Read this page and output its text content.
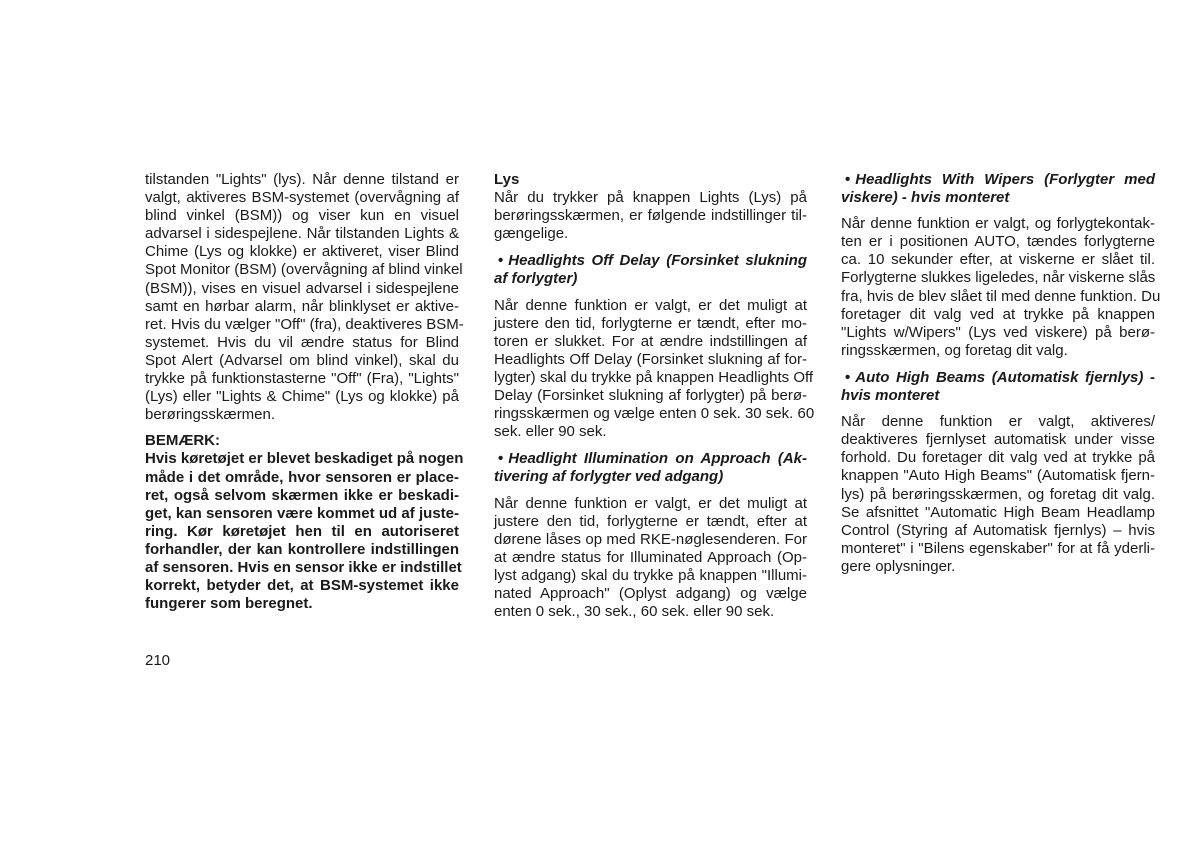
tilstanden "Lights" (lys). Når denne tilstand er
valgt, aktiveres BSM-systemet (overvågning af
blind vinkel (BSM)) og viser kun en visuel
advarsel i sidespejlene. Når tilstanden Lights &
Chime (Lys og klokke) er aktiveret, viser Blind
Spot Monitor (BSM) (overvågning af blind vinkel
(BSM)), vises en visuel advarsel i sidespejlene
samt en hørbar alarm, når blinklyset er aktive-
ret. Hvis du vælger "Off" (fra), deaktiveres BSM-
systemet. Hvis du vil ændre status for Blind
Spot Alert (Advarsel om blind vinkel), skal du
trykke på funktionstasterne "Off" (Fra), "Lights"
(Lys) eller "Lights & Chime" (Lys og klokke) på
berøringsskærmen.
BEMÆRK:
Hvis køretøjet er blevet beskadiget på nogen
måde i det område, hvor sensoren er place-
ret, også selvom skærmen ikke er beskadi-
get, kan sensoren være kommet ud af juste-
ring. Kør køretøjet hen til en autoriseret
forhandler, der kan kontrollere indstillingen
af sensoren. Hvis en sensor ikke er indstillet
korrekt, betyder det, at BSM-systemet ikke
fungerer som beregnet.
Lys
Når du trykker på knappen Lights (Lys) på
berøringsskærmen, er følgende indstillinger til-
gængelige.
• Headlights Off Delay (Forsinket slukning
af forlygter)
Når denne funktion er valgt, er det muligt at
justere den tid, forlygterne er tændt, efter mo-
toren er slukket. For at ændre indstillingen af
Headlights Off Delay (Forsinket slukning af for-
lygter) skal du trykke på knappen Headlights Off
Delay (Forsinket slukning af forlygter) på berø-
ringsskærmen og vælge enten 0 sek. 30 sek. 60
sek. eller 90 sek.
• Headlight Illumination on Approach (Ak-
tivering af forlygter ved adgang)
Når denne funktion er valgt, er det muligt at
justere den tid, forlygterne er tændt, efter at
dørene låses op med RKE-nøglesenderen. For
at ændre status for Illuminated Approach (Op-
lyst adgang) skal du trykke på knappen "Illumi-
nated Approach" (Oplyst adgang) og vælge
enten 0 sek., 30 sek., 60 sek. eller 90 sek.
• Headlights With Wipers (Forlygter med
viskere) - hvis monteret
Når denne funktion er valgt, og forlygtekontak-
ten er i positionen AUTO, tændes forlygterne
ca. 10 sekunder efter, at viskerne er slået til.
Forlygterne slukkes ligeledes, når viskerne slås
fra, hvis de blev slået til med denne funktion. Du
foretager dit valg ved at trykke på knappen
"Lights w/Wipers" (Lys ved viskere) på berø-
ringsskærmen, og foretag dit valg.
• Auto High Beams (Automatisk fjernlys) -
hvis monteret
Når denne funktion er valgt, aktiveres/
deaktiveres fjernlyset automatisk under visse
forhold. Du foretager dit valg ved at trykke på
knappen "Auto High Beams" (Automatisk fjern-
lys) på berøringsskærmen, og foretag dit valg.
Se afsnittet "Automatic High Beam Headlamp
Control (Styring af Automatisk fjernlys) – hvis
monteret" i "Bilens egenskaber" for at få yderli-
gere oplysninger.
210
